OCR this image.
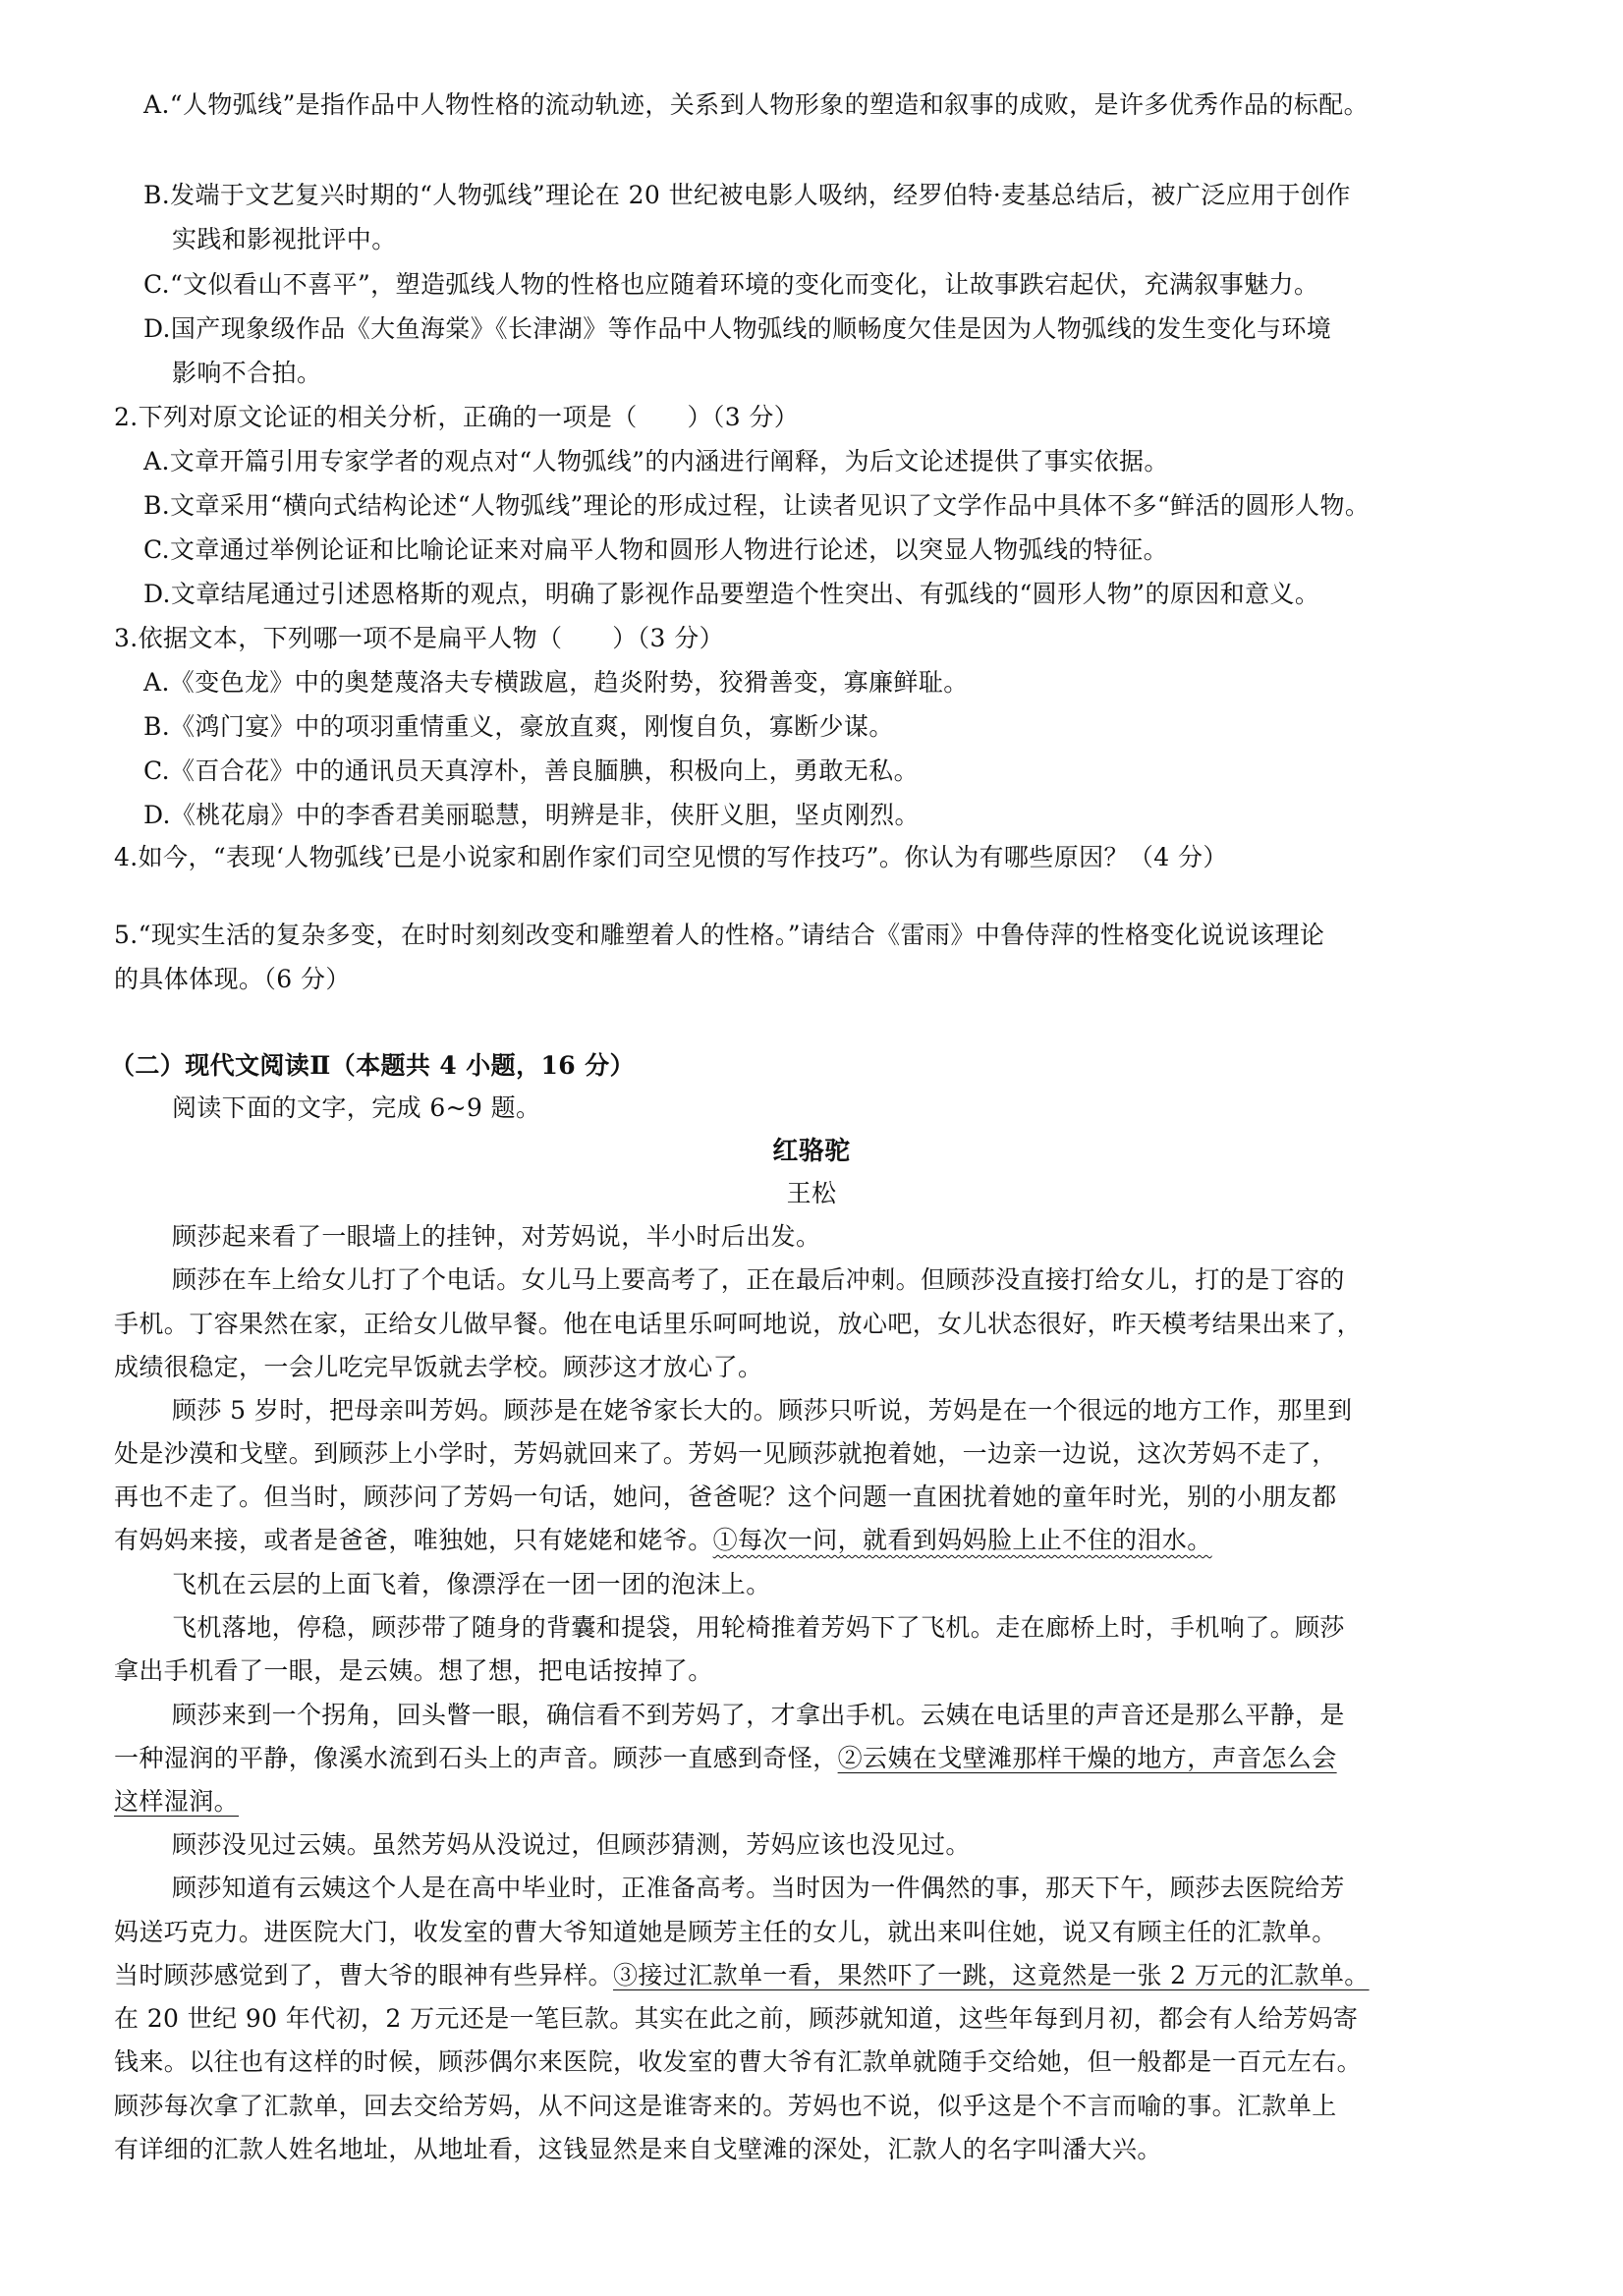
A.“人物弧线”是指作品中人物性格的流动轨迹，关系到人物形象的塑造和叙事的成败，是许多优秀作品的标配。
B.发端于文艺复兴时期的“人物弧线”理论在 20 世纪被电影人吸纳，经罗伯特·麦基总结后，被广泛应用于创作
实践和影视批评中。
C.“文似看山不喜平”，塑造弧线人物的性格也应随着环境的变化而变化，让故事跌宕起伏，充满叙事魅力。
D.国产现象级作品《大鱼海棠》《长津湖》等作品中人物弧线的顺畅度欠佳是因为人物弧线的发生变化与环境
影响不合拍。
2.下列对原文论证的相关分析，正确的一项是（　　）（3 分）
A.文章开篇引用专家学者的观点对“人物弧线”的内涵进行阐释，为后文论述提供了事实依据。
B.文章采用“横向式结构论述“人物弧线”理论的形成过程，让读者见识了文学作品中具体不多“鲜活的圆形人物。
C.文章通过举例论证和比喻论证来对扁平人物和圆形人物进行论述，以突显人物弧线的特征。
D.文章结尾通过引述恩格斯的观点，明确了影视作品要塑造个性突出、有弧线的“圆形人物”的原因和意义。
3.依据文本，下列哪一项不是扁平人物（　　）（3 分）
A.《变色龙》中的奥楚蔑洛夫专横跋扈，趋炎附势，狡猾善变，寡廉鲜耻。
B.《鸿门宴》中的项羽重情重义，豪放直爽，刚愎自负，寡断少谋。
C.《百合花》中的通讯员天真淳朴，善良腼腆，积极向上，勇敢无私。
D.《桃花扇》中的李香君美丽聪慧，明辨是非，侠肝义胆，坚贞刚烈。
4.如今，“表现‘人物弧线’已是小说家和剧作家们司空见惯的写作技巧”。你认为有哪些原因？（4 分）
5.“现实生活的复杂多变，在时时刻刻改变和雕塑着人的性格。”请结合《雷雨》中鲁侍萍的性格变化说说该理论
的具体体现。（6 分）
（二）现代文阅读Ⅱ（本题共 4 小题，16 分）
阅读下面的文字，完成 6~9 题。
红骆驼
王松
顾莎起来看了一眼墙上的挂钟，对芳妈说，半小时后出发。
顾莎在车上给女儿打了个电话。女儿马上要高考了，正在最后冲刺。但顾莎没直接打给女儿，打的是丁容的
手机。丁容果然在家，正给女儿做早餐。他在电话里乐呵呵地说，放心吧，女儿状态很好，昨天模考结果出来了，
成绩很稳定，一会儿吃完早饭就去学校。顾莎这才放心了。
顾莎 5 岁时，把母亲叫芳妈。顾莎是在姥爷家长大的。顾莎只听说，芳妈是在一个很远的地方工作，那里到
处是沙漠和戈壁。到顾莎上小学时，芳妈就回来了。芳妈一见顾莎就抱着她，一边亲一边说，这次芳妈不走了，
再也不走了。但当时，顾莎问了芳妈一句话，她问，爸爸呢？这个问题一直困扰着她的童年时光，别的小朋友都
有妈妈来接，或者是爸爸，唯独她，只有姥姥和姥爷。①每次一问，就看到妈妈脸上止不住的泪水。
飞机在云层的上面飞着，像漂浮在一团一团的泡沫上。
飞机落地，停稳，顾莎带了随身的背囊和提袋，用轮椅推着芳妈下了飞机。走在廊桥上时，手机响了。顾莎
拿出手机看了一眼，是云姨。想了想，把电话按掉了。
顾莎来到一个拐角，回头瞥一眼，确信看不到芳妈了，才拿出手机。云姨在电话里的声音还是那么平静，是
一种湿润的平静，像溪水流到石头上的声音。顾莎一直感到奇怪，②云姨在戈壁滩那样干燥的地方，声音怎么会
这样湿润。
顾莎没见过云姨。虽然芳妈从没说过，但顾莎猜测，芳妈应该也没见过。
顾莎知道有云姨这个人是在高中毕业时，正准备高考。当时因为一件偶然的事，那天下午，顾莎去医院给芳
妈送巧克力。进医院大门，收发室的曹大爷知道她是顾芳主任的女儿，就出来叫住她，说又有顾主任的汇款单。
当时顾莎感觉到了，曹大爷的眼神有些异样。③接过汇款单一看，果然吓了一跳，这竟然是一张 2 万元的汇款单。
在 20 世纪 90 年代初，2 万元还是一笔巨款。其实在此之前，顾莎就知道，这些年每到月初，都会有人给芳妈寄
钱来。以往也有这样的时候，顾莎偶尔来医院，收发室的曹大爷有汇款单就随手交给她，但一般都是一百元左右。
顾莎每次拿了汇款单，回去交给芳妈，从不问这是谁寄来的。芳妈也不说，似乎这是个不言而喻的事。汇款单上
有详细的汇款人姓名地址，从地址看，这钱显然是来自戈壁滩的深处，汇款人的名字叫潘大兴。
